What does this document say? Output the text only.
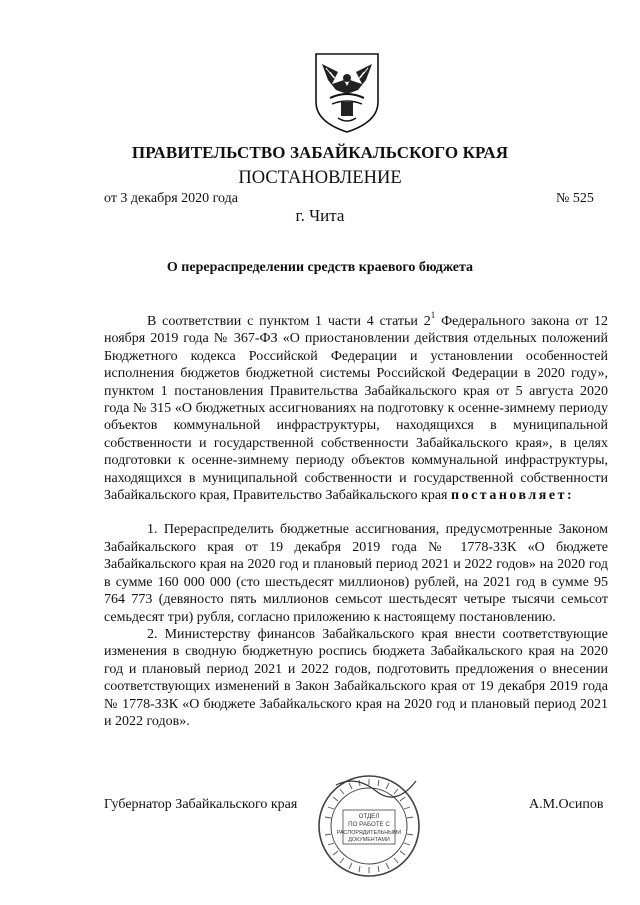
ПРАВИТЕЛЬСТВО ЗАБАЙКАЛЬСКОГО КРАЯ
ПОСТАНОВЛЕНИЕ
от 3 декабря 2020 года	№ 525
г. Чита
О перераспределении средств краевого бюджета

В соответствии с пунктом 1 части 4 статьи $2^1$ Федерального закона от 12 ноября 2019 года № 367-ФЗ «О приостановлении действия отдельных положений Бюджетного кодекса Российской Федерации и установлении особенностей исполнения бюджетов бюджетной системы Российской Федерации в 2020 году», пунктом 1 постановления Правительства Забайкальского края от 5 августа 2020 года № 315 «О бюджетных ассигнованиях на подготовку к осенне-зимнему периоду объектов коммунальной инфраструктуры, находящихся в муниципальной собственности и государственной собственности Забайкальского края», в целях подготовки к осенне-зимнему периоду объектов коммунальной инфраструктуры, находящихся в муниципальной собственности и государственной собственности Забайкальского края, Правительство Забайкальского края постановляет:

1. Перераспределить бюджетные ассигнования, предусмотренные Законом Забайкальского края от 19 декабря 2019 года № 1778-ЗЗК «О бюджете Забайкальского края на 2020 год и плановый период 2021 и 2022 годов» на 2020 год в сумме 160 000 000 (сто шестьдесят миллионов) рублей, на 2021 год в сумме 95 764 773 (девяносто пять миллионов семьсот шестьдесят четыре тысячи семьсот семьдесят три) рубля, согласно приложению к настоящему постановлению.

2. Министерству финансов Забайкальского края внести соответствующие изменения в сводную бюджетную роспись бюджета Забайкальского края на 2020 год и плановый период 2021 и 2022 годов, подготовить предложения о внесении соответствующих изменений в Закон Забайкальского края от 19 декабря 2019 года № 1778-ЗЗК «О бюджете Забайкальского края на 2020 год и плановый период 2021 и 2022 годов».

Губернатор Забайкальского края	А.М.Осипов
ОТДЕЛ
ПО РАБОТЕ С
РАСПОРЯДИТЕЛЬНЫМИ
ДОКУМЕНТАМИ
